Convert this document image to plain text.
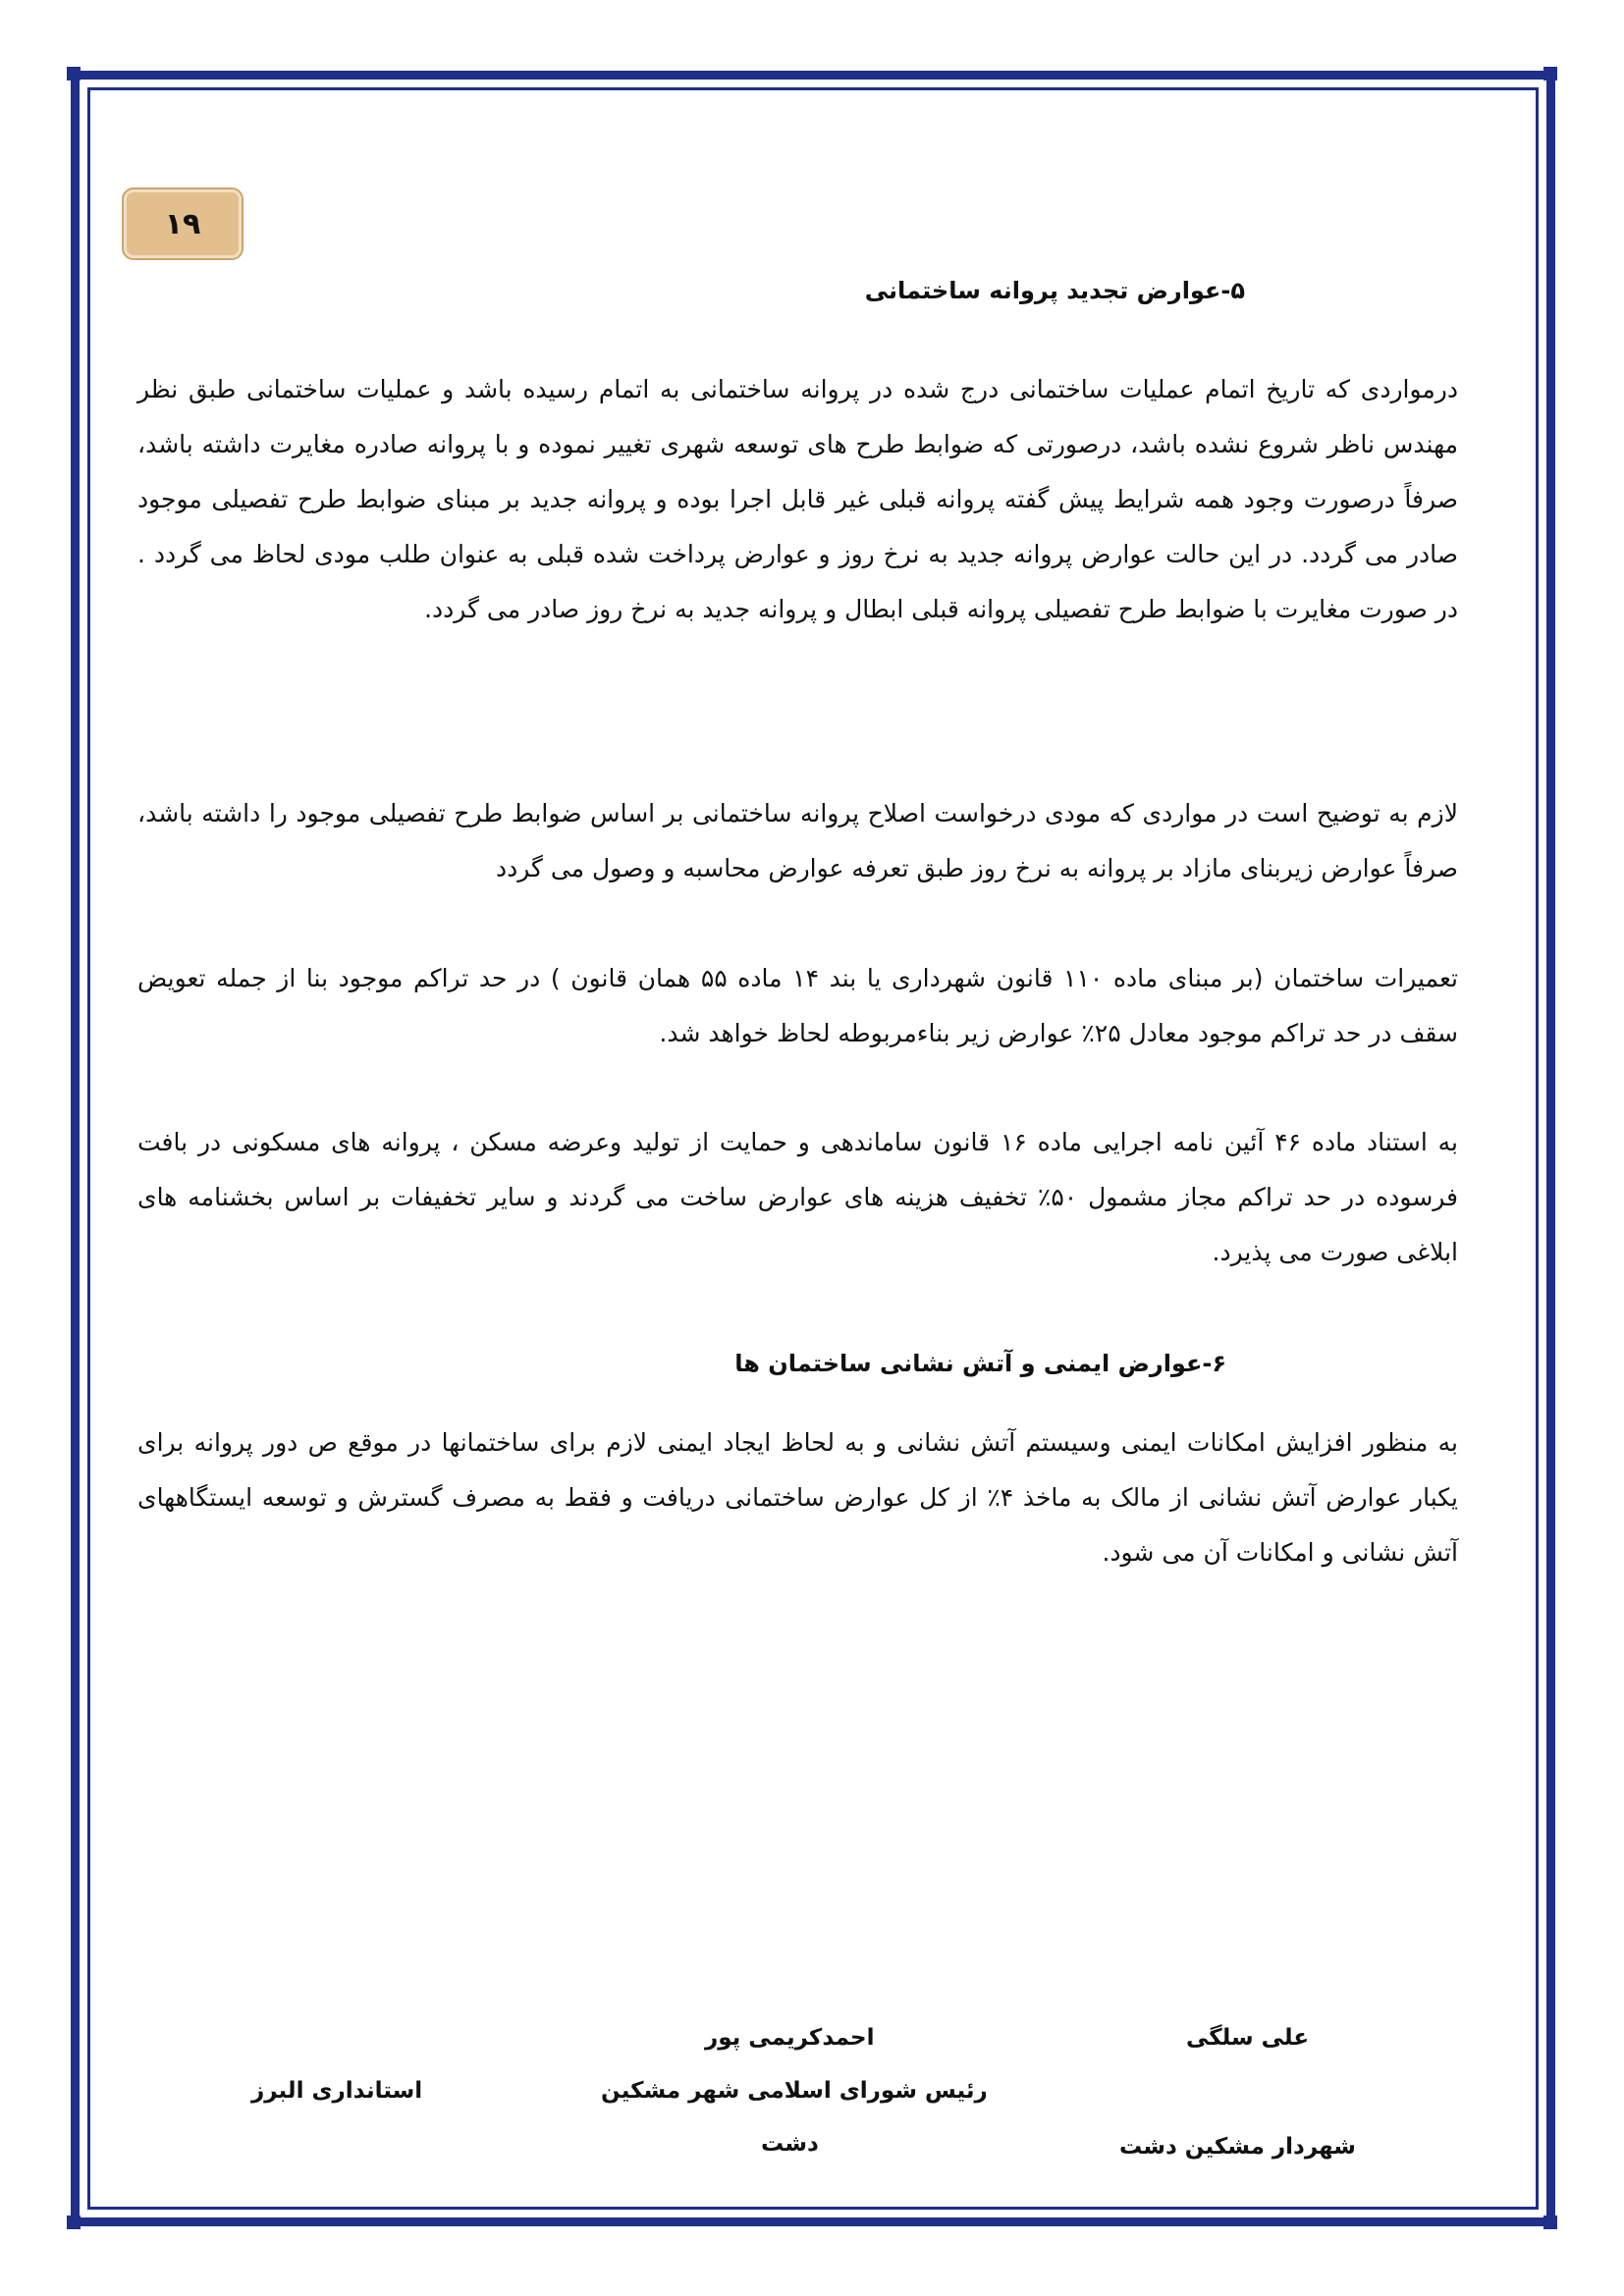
۱۹
۵-عوارض تجدید پروانه ساختمانی
درمواردی که تاریخ اتمام عملیات ساختمانی درج شده در پروانه ساختمانی به اتمام رسیده باشد و عملیات ساختمانی طبق نظر مهندس ناظر شروع نشده باشد، درصورتی که ضوابط طرح های توسعه شهری تغییر نموده و با پروانه صادره مغایرت داشته باشد، صرفاً درصورت وجود همه شرایط پیش گفته پروانه قبلی غیر قابل اجرا بوده و پروانه جدید بر مبنای ضوابط طرح تفصیلی موجود صادر می گردد. در این حالت عوارض پروانه جدید به نرخ روز و عوارض پرداخت شده قبلی به عنوان طلب مودی لحاظ می گردد . در صورت مغایرت با ضوابط طرح تفصیلی پروانه قبلی ابطال و پروانه جدید به نرخ روز صادر می گردد.
لازم به توضیح است در مواردی که مودی درخواست اصلاح پروانه ساختمانی بر اساس ضوابط طرح تفصیلی موجود را داشته باشد، صرفاً عوارض زیربنای مازاد بر پروانه به نرخ روز طبق تعرفه عوارض محاسبه و وصول می گردد
تعمیرات ساختمان (بر مبنای ماده ۱۱۰ قانون شهرداری یا بند ۱۴ ماده ۵۵ همان قانون ) در حد تراکم موجود بنا از جمله تعویض سقف در حد تراکم موجود معادل ۲۵٪ عوارض زیر بناءمربوطه لحاظ خواهد شد.
به استناد ماده ۴۶ آئین نامه اجرایی ماده ۱۶ قانون ساماندهی و حمایت از تولید وعرضه مسکن ، پروانه های مسکونی در بافت فرسوده در حد تراکم مجاز مشمول ۵۰٪ تخفیف هزینه های عوارض ساخت می گردند و سایر تخفیفات بر اساس بخشنامه های ابلاغی صورت می پذیرد.
۶-عوارض ایمنی و آتش نشانی ساختمان ها
به منظور افزایش امکانات ایمنی وسیستم آتش نشانی و به لحاظ ایجاد ایمنی لازم برای ساختمانها در موقع ص دور پروانه برای یکبار عوارض آتش نشانی از مالک به ماخذ ۴٪ از کل عوارض ساختمانی دریافت و فقط به مصرف گسترش و توسعه ایستگاههای آتش نشانی و امکانات آن می شود.
علی سلگی
شهردار مشکین دشت
احمدکریمی پور
رئیس شورای اسلامی شهر مشکین
دشت
استانداری البرز
